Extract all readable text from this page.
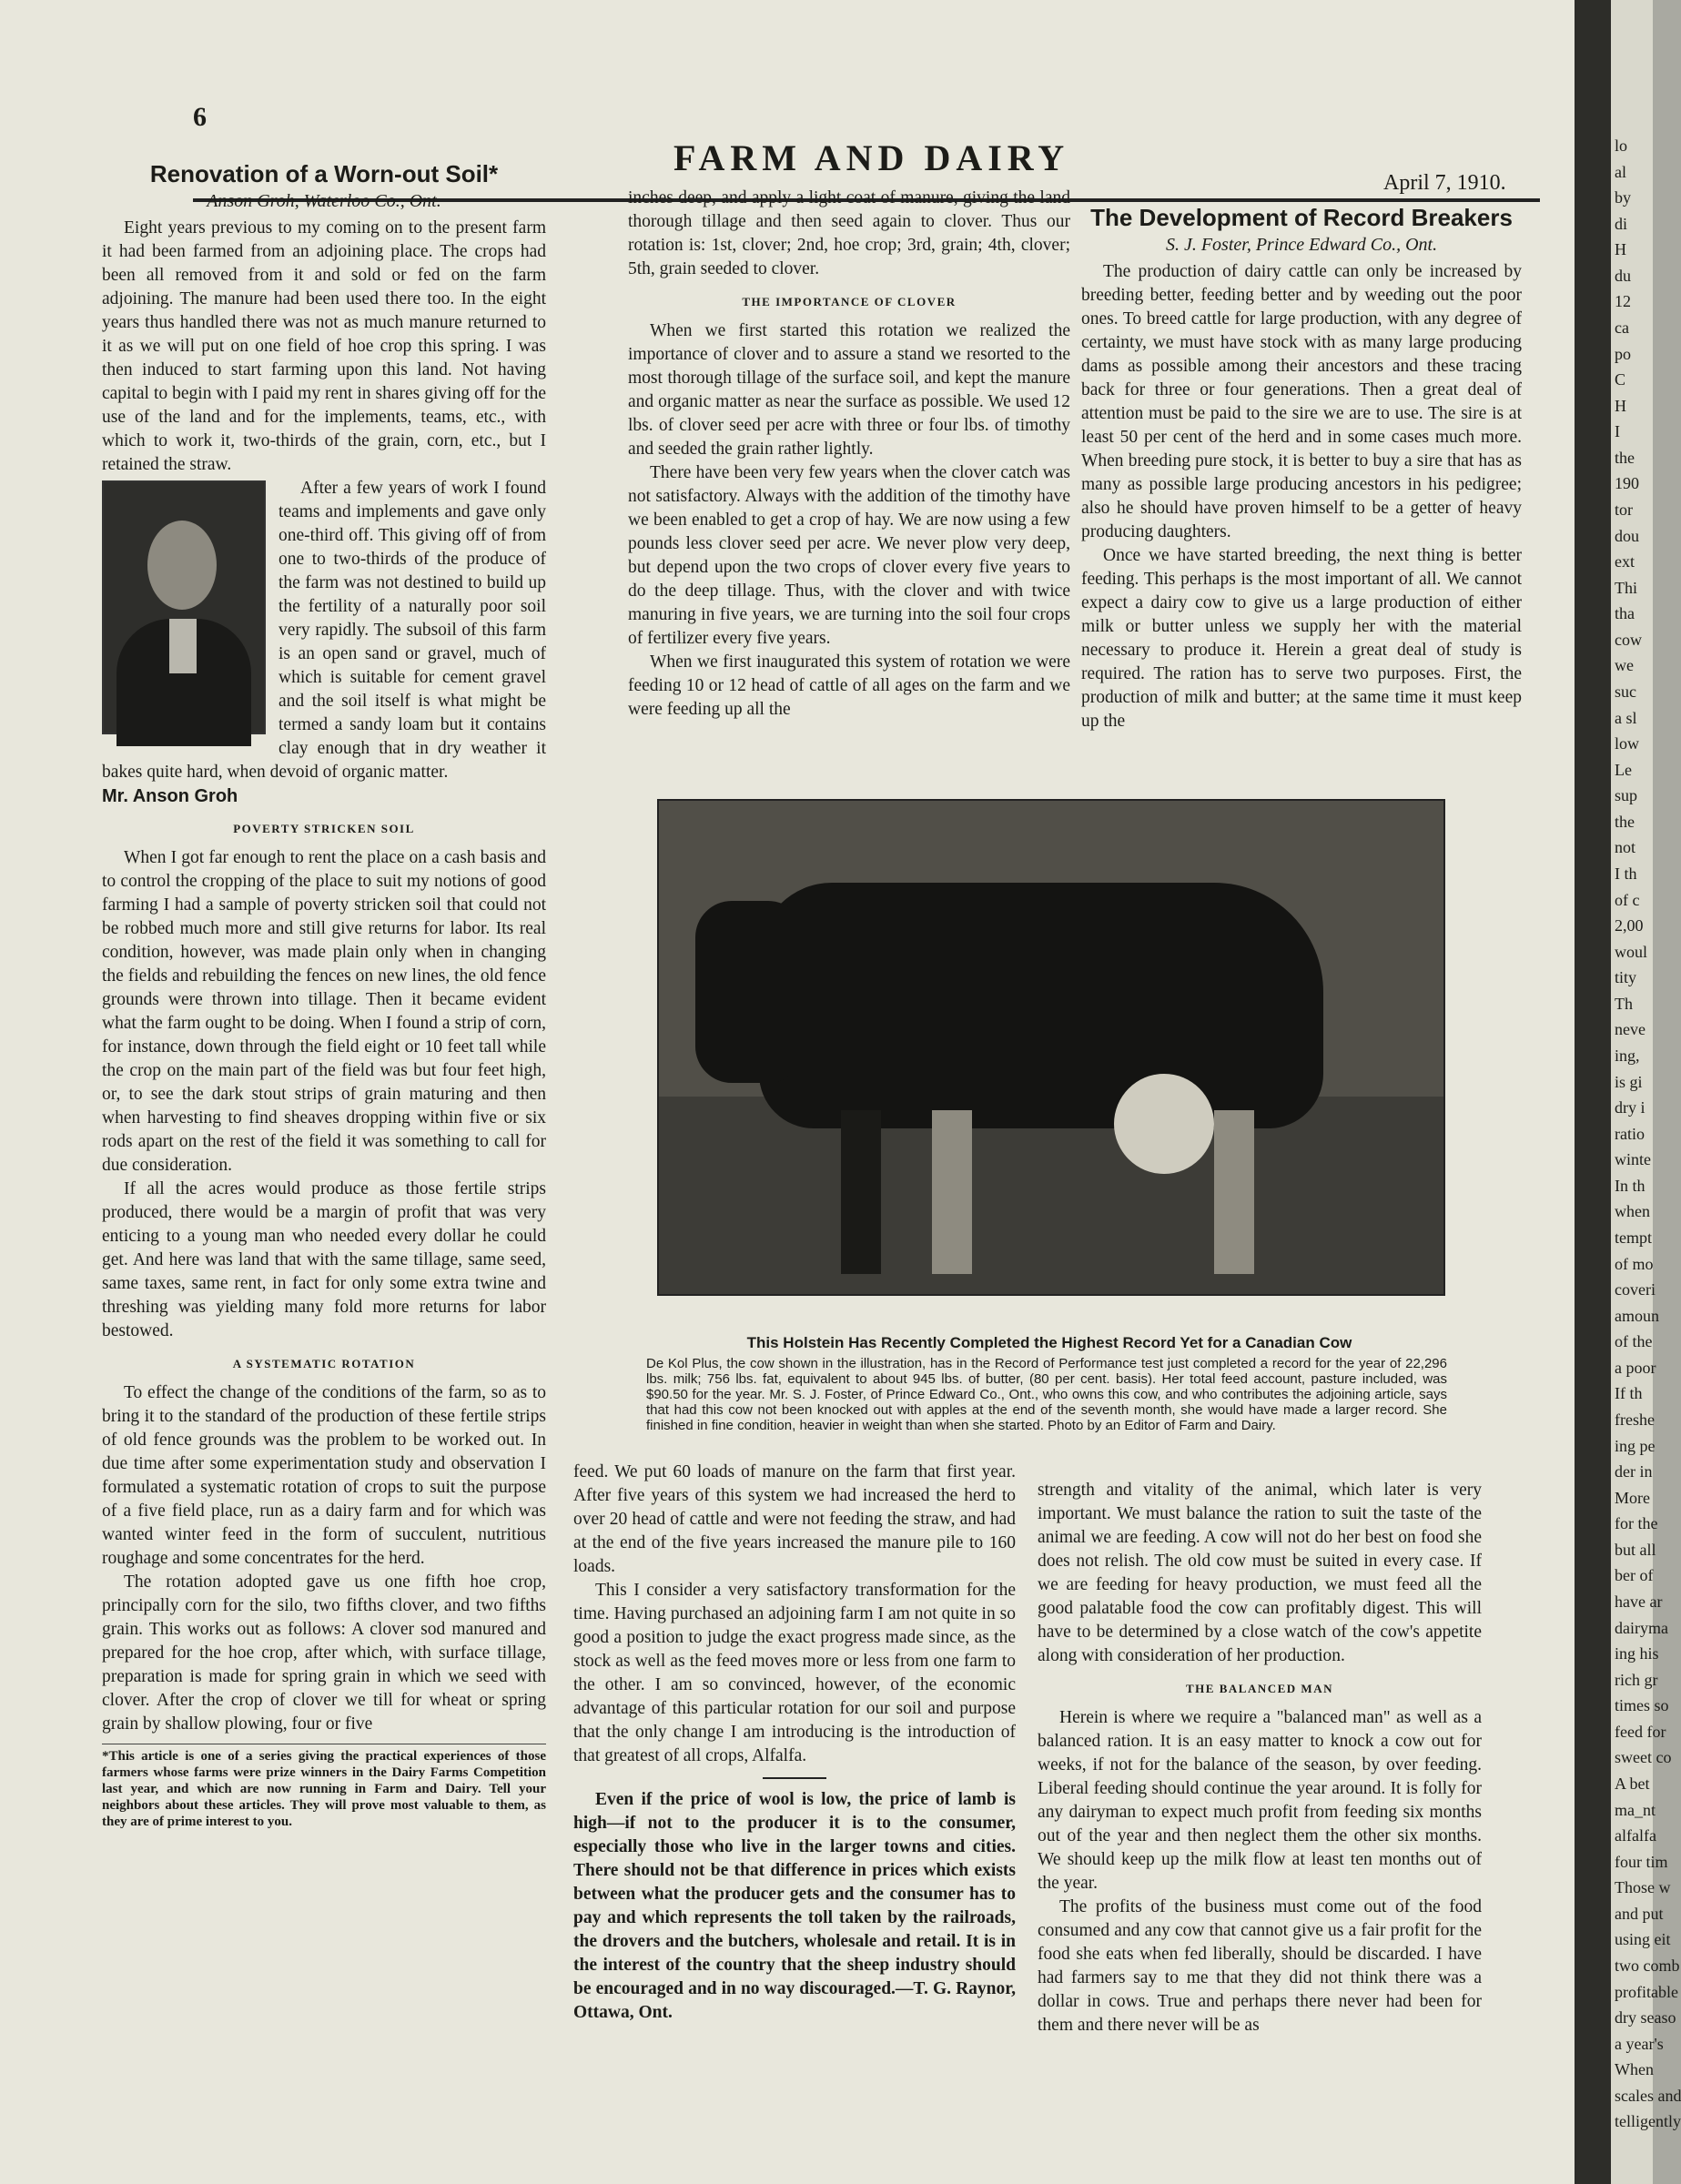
6
FARM AND DAIRY
April 7, 1910.
Renovation of a Worn-out Soil*
Anson Groh, Waterloo Co., Ont.

Eight years previous to my coming on to the present farm it had been farmed from an adjoining place. The crops had been all removed from it and sold or fed on the farm adjoining. The manure had been used there too. In the eight years thus handled there was not as much manure returned to it as we will put on one field of hoe crop this spring. I was then induced to start farming upon this land. Not having capital to begin with I paid my rent in shares giving off for the use of the land and for the implements, teams, etc., with which to work it, two-thirds of the grain, corn, etc., but I retained the straw.

After a few years of work I found teams and implements and gave only one-third off. This giving off of from one to two-thirds of the produce of the farm was not destined to build up the fertility of a naturally poor soil very rapidly. The subsoil of this farm is an open sand or gravel, much of which is suitable for cement gravel and the soil itself is what might be termed a sandy loam but it contains clay enough that in dry weather it bakes quite hard, when devoid of organic matter.

Mr. Anson Groh
POVERTY STRICKEN SOIL

When I got far enough to rent the place on a cash basis and to control the cropping of the place to suit my notions of good farming I had a sample of poverty stricken soil that could not be robbed much more and still give returns for labor. Its real condition, however, was made plain only when in changing the fields and rebuilding the fences on new lines, the old fence grounds were thrown into tillage. Then it became evident what the farm ought to be doing. When I found a strip of corn, for instance, down through the field eight or 10 feet tall while the crop on the main part of the field was but four feet high, or, to see the dark stout strips of grain maturing and then when harvesting to find sheaves dropping within five or six rods apart on the rest of the field it was something to call for due consideration.

If all the acres would produce as those fertile strips produced, there would be a margin of profit that was very enticing to a young man who needed every dollar he could get. And here was land that with the same tillage, same seed, same taxes, same rent, in fact for only some extra twine and threshing was yielding many fold more returns for labor bestowed.

A SYSTEMATIC ROTATION

To effect the change of the conditions of the farm, so as to bring it to the standard of the production of these fertile strips of old fence grounds was the problem to be worked out. In due time after some experimentation study and observation I formulated a systematic rotation of crops to suit the purpose of a five field place, run as a dairy farm and for which was wanted winter feed in the form of succulent, nutritious roughage and some concentrates for the herd.

The rotation adopted gave us one fifth hoe crop, principally corn for the silo, two fifths clover, and two fifths grain. This works out as follows: A clover sod manured and prepared for the hoe crop, after which, with surface tillage, preparation is made for spring grain in which we seed with clover. After the crop of clover we till for wheat or spring grain by shallow plowing, four or five

*This article is one of a series giving the practical experiences of those farmers whose farms were prize winners in the Dairy Farms Competition last year, and which are now running in Farm and Dairy. Tell your neighbors about these articles. They will prove most valuable to them, as they are of prime interest to you.

inches deep, and apply a light coat of manure, giving the land thorough tillage and then seed again to clover. Thus our rotation is: 1st, clover; 2nd, hoe crop; 3rd, grain; 4th, clover; 5th, grain seeded to clover.

THE IMPORTANCE OF CLOVER

When we first started this rotation we realized the importance of clover and to assure a stand we resorted to the most thorough tillage of the surface soil, and kept the manure and organic matter as near the surface as possible. We used 12 lbs. of clover seed per acre with three or four lbs. of timothy and seeded the grain rather lightly.

There have been very few years when the clover catch was not satisfactory. Always with the addition of the timothy have we been enabled to get a crop of hay. We are now using a few pounds less clover seed per acre. We never plow very deep, but depend upon the two crops of clover every five years to do the deep tillage. Thus, with the clover and with twice manuring in five years, we are turning into the soil four crops of fertilizer every five years.

When we first inaugurated this system of rotation we were feeding 10 or 12 head of cattle of all ages on the farm and we were feeding up all the

The Development of Record Breakers
S. J. Foster, Prince Edward Co., Ont.

The production of dairy cattle can only be increased by breeding better, feeding better and by weeding out the poor ones. To breed cattle for large production, with any degree of certainty, we must have stock with as many large producing dams as possible among their ancestors and these tracing back for three or four generations. Then a great deal of attention must be paid to the sire we are to use. The sire is at least 50 per cent of the herd and in some cases much more. When breeding pure stock, it is better to buy a sire that has as many as possible large producing ancestors in his pedigree; also he should have proven himself to be a getter of heavy producing daughters.

Once we have started breeding, the next thing is better feeding. This perhaps is the most important of all. We cannot expect a dairy cow to give us a large production of either milk or butter unless we supply her with the material necessary to produce it. Herein a great deal of study is required. The ration has to serve two purposes. First, the production of milk and butter; at the same time it must keep up the

This Holstein Has Recently Completed the Highest Record Yet for a Canadian Cow
De Kol Plus, the cow shown in the illustration, has in the Record of Performance test just completed a record for the year of 22,296 lbs. milk; 756 lbs. fat, equivalent to about 945 lbs. of butter, (80 per cent. basis). Her total feed account, pasture included, was $90.50 for the year. Mr. S. J. Foster, of Prince Edward Co., Ont., who owns this cow, and who contributes the adjoining article, says that had this cow not been knocked out with apples at the end of the seventh month, she would have made a larger record. She finished in fine condition, heavier in weight than when she started. Photo by an Editor of Farm and Dairy.

feed. We put 60 loads of manure on the farm that first year. After five years of this system we had increased the herd to over 20 head of cattle and were not feeding the straw, and had at the end of the five years increased the manure pile to 160 loads.

This I consider a very satisfactory transformation for the time. Having purchased an adjoining farm I am not quite in so good a position to judge the exact progress made since, as the stock as well as the feed moves more or less from one farm to the other. I am so convinced, however, of the economic advantage of this particular rotation for our soil and purpose that the only change I am introducing is the introduction of that greatest of all crops, Alfalfa.

Even if the price of wool is low, the price of lamb is high—if not to the producer it is to the consumer, especially those who live in the larger towns and cities. There should not be that difference in prices which exists between what the producer gets and the consumer has to pay and which represents the toll taken by the railroads, the drovers and the butchers, wholesale and retail. It is in the interest of the country that the sheep industry should be encouraged and in no way discouraged.—T. G. Raynor, Ottawa, Ont.

strength and vitality of the animal, which later is very important. We must balance the ration to suit the taste of the animal we are feeding. A cow will not do her best on food she does not relish. The old cow must be suited in every case. If we are feeding for heavy production, we must feed all the good palatable food the cow can profitably digest. This will have to be determined by a close watch of the cow's appetite along with consideration of her production.

THE BALANCED MAN

Herein is where we require a "balanced man" as well as a balanced ration. It is an easy matter to knock a cow out for weeks, if not for the balance of the season, by over feeding. Liberal feeding should continue the year around. It is folly for any dairyman to expect much profit from feeding six months out of the year and then neglect them the other six months. We should keep up the milk flow at least ten months out of the year.

The profits of the business must come out of the food consumed and any cow that cannot give us a fair profit for the food she eats when fed liberally, should be discarded. I have had farmers say to me that they did not think there was a dollar in cows. True and perhaps there never had been for them and there never will be as

lo
al
by
di
H
du
12
ca
po
C
H
I
the
190
tor
dou
ext
Thi
tha
cow
we
suc
a sl
low
Le
sup
the
not
I th
of c
2,00
woul
tity
Th
neve
ing,
is gi
dry i
ratio
winte
In th
when
tempt
of mo
coveri
amoun
of the
a poor
If th
freshe
ing pe
der in
More
for the
but all
ber of
have ar
dairyma
ing his
rich gr
times so
feed for
sweet co
A bet
ma_nt
alfalfa
four tim
Those w
and put
using eit
two comb
profitable
dry seaso
a year's
When
scales and
telligently
